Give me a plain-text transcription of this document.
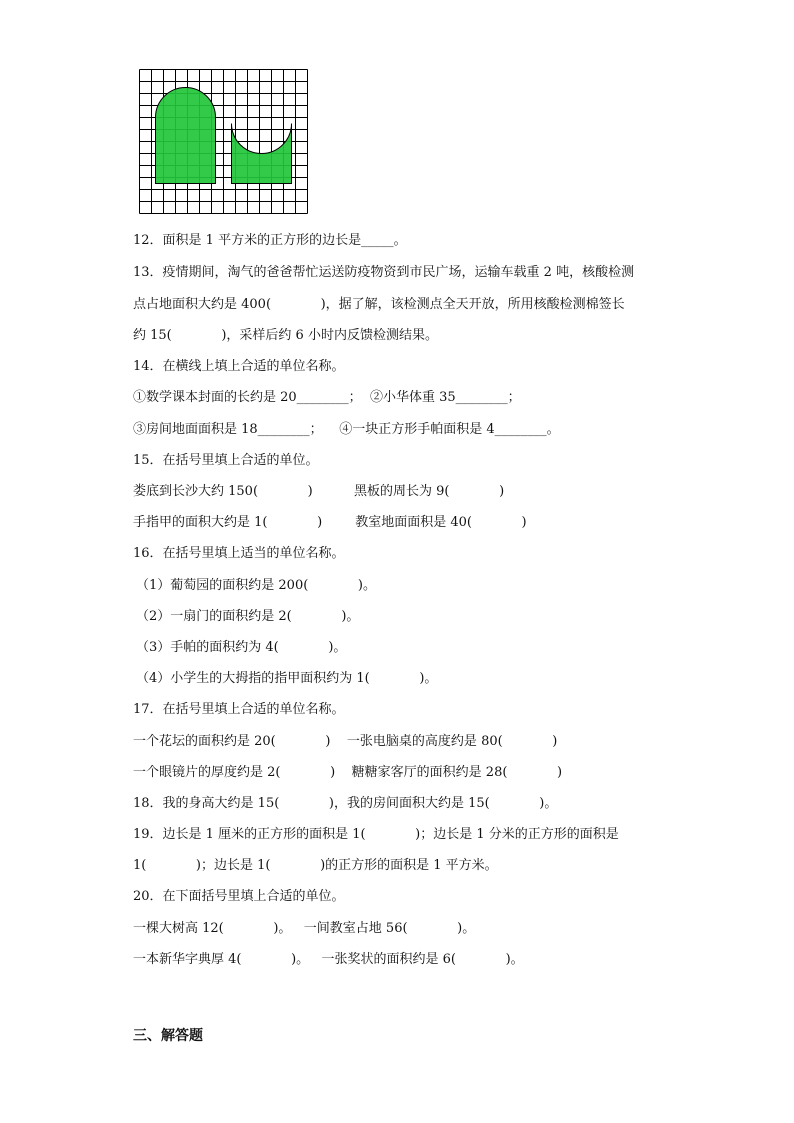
12．面积是 1 平方米的正方形的边长是_____。
13．疫情期间，淘气的爸爸帮忙运送防疫物资到市民广场，运输车载重 2 吨，核酸检测
点占地面积大约是 400(            )，据了解，该检测点全天开放，所用核酸检测棉签长
约 15(            )，采样后约 6 小时内反馈检测结果。
14．在横线上填上合适的单位名称。
①数学课本封面的长约是 20________；  ②小华体重 35________；
③房间地面面积是 18________；    ④一块正方形手帕面积是 4________。
15．在括号里填上合适的单位。
娄底到长沙大约 150(            )          黑板的周长为 9(            )
手指甲的面积大约是 1(            )        教室地面面积是 40(            )
16．在括号里填上适当的单位名称。
（1）葡萄园的面积约是 200(            )。
（2）一扇门的面积约是 2(            )。
（3）手帕的面积约为 4(            )。
（4）小学生的大拇指的指甲面积约为 1(            )。
17．在括号里填上合适的单位名称。
一个花坛的面积约是 20(            )    一张电脑桌的高度约是 80(            )
一个眼镜片的厚度约是 2(            )    糖糖家客厅的面积约是 28(            )
18．我的身高大约是 15(            )，我的房间面积大约是 15(            )。
19．边长是 1 厘米的正方形的面积是 1(            )；边长是 1 分米的正方形的面积是
1(            )；边长是 1(            )的正方形的面积是 1 平方米。
20．在下面括号里填上合适的单位。
一棵大树高 12(            )。   一间教室占地 56(            )。
一本新华字典厚 4(            )。   一张奖状的面积约是 6(            )。
三、解答题
